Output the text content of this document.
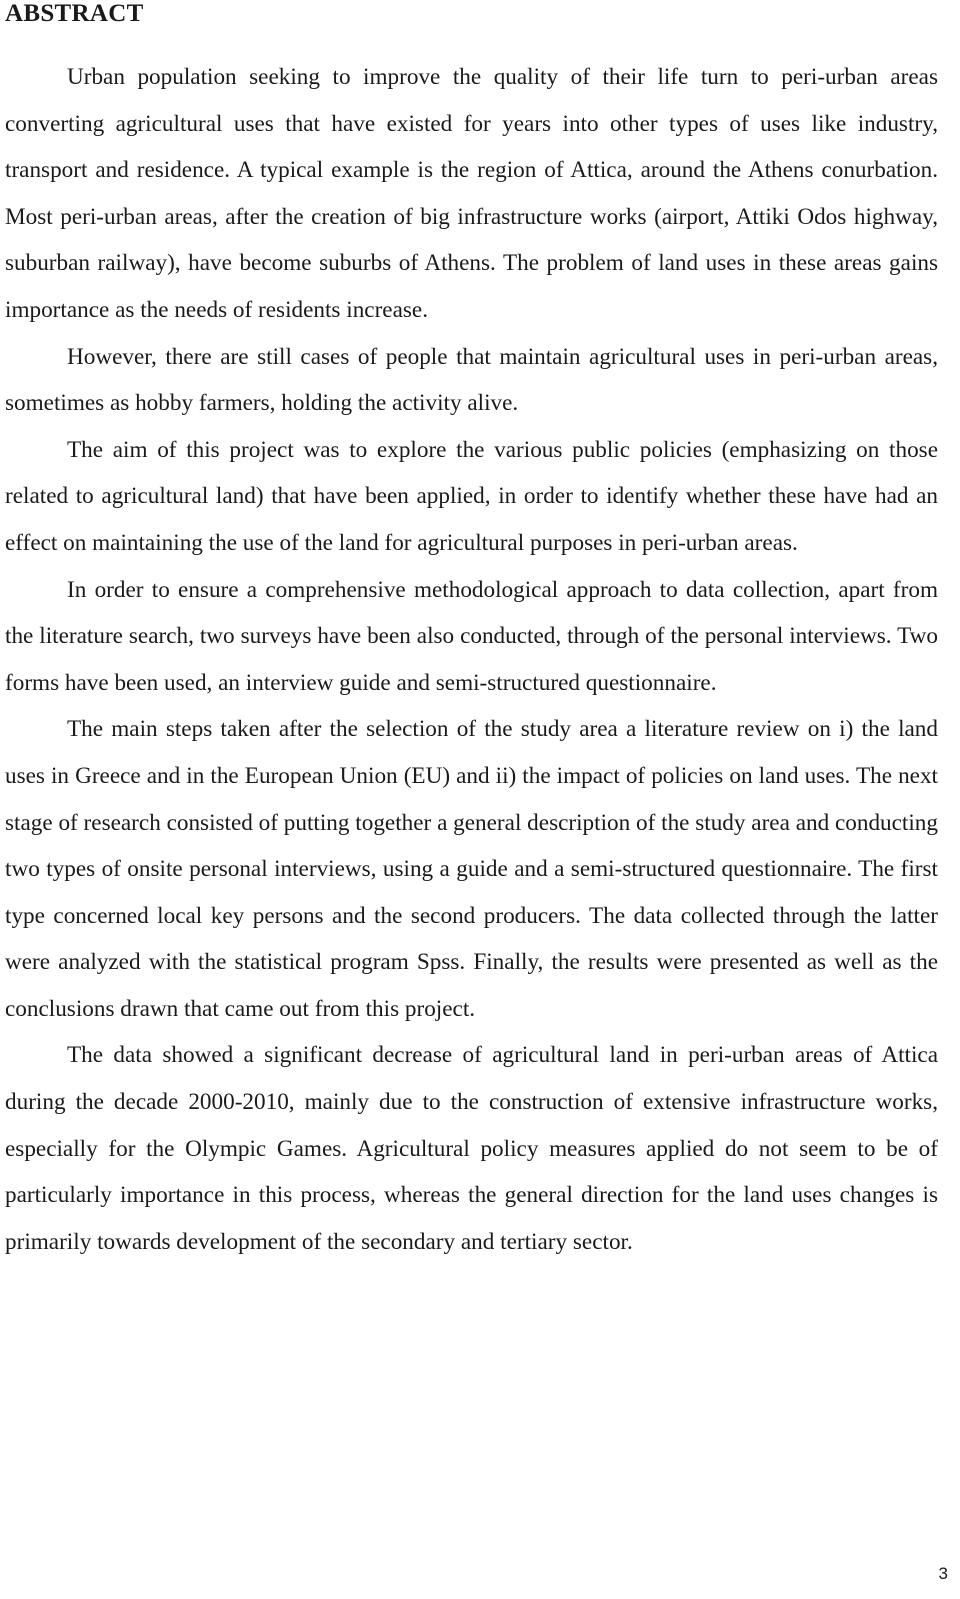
ABSTRACT

Urban population seeking to improve the quality of their life turn to peri-urban areas converting agricultural uses that have existed for years into other types of uses like industry, transport and residence. A typical example is the region of Attica, around the Athens conurbation. Most peri-urban areas, after the creation of big infrastructure works (airport, Attiki Odos highway, suburban railway), have become suburbs of Athens. The problem of land uses in these areas gains importance as the needs of residents increase.

However, there are still cases of people that maintain agricultural uses in peri-urban areas, sometimes as hobby farmers, holding the activity alive.

The aim of this project was to explore the various public policies (emphasizing on those related to agricultural land) that have been applied, in order to identify whether these have had an effect on maintaining the use of the land for agricultural purposes in peri-urban areas.

In order to ensure a comprehensive methodological approach to data collection, apart from the literature search, two surveys have been also conducted, through of the personal interviews. Two forms have been used, an interview guide and semi-structured questionnaire.

The main steps taken after the selection of the study area a literature review on i) the land uses in Greece and in the European Union (EU) and ii) the impact of policies on land uses. The next stage of research consisted of putting together a general description of the study area and conducting two types of onsite personal interviews, using a guide and a semi-structured questionnaire. The first type concerned local key persons and the second producers. The data collected through the latter were analyzed with the statistical program Spss. Finally, the results were presented as well as the conclusions drawn that came out from this project.

The data showed a significant decrease of agricultural land in peri-urban areas of Attica during the decade 2000-2010, mainly due to the construction of extensive infrastructure works, especially for the Olympic Games. Agricultural policy measures applied do not seem to be of particularly importance in this process, whereas the general direction for the land uses changes is primarily towards development of the secondary and tertiary sector.

3
